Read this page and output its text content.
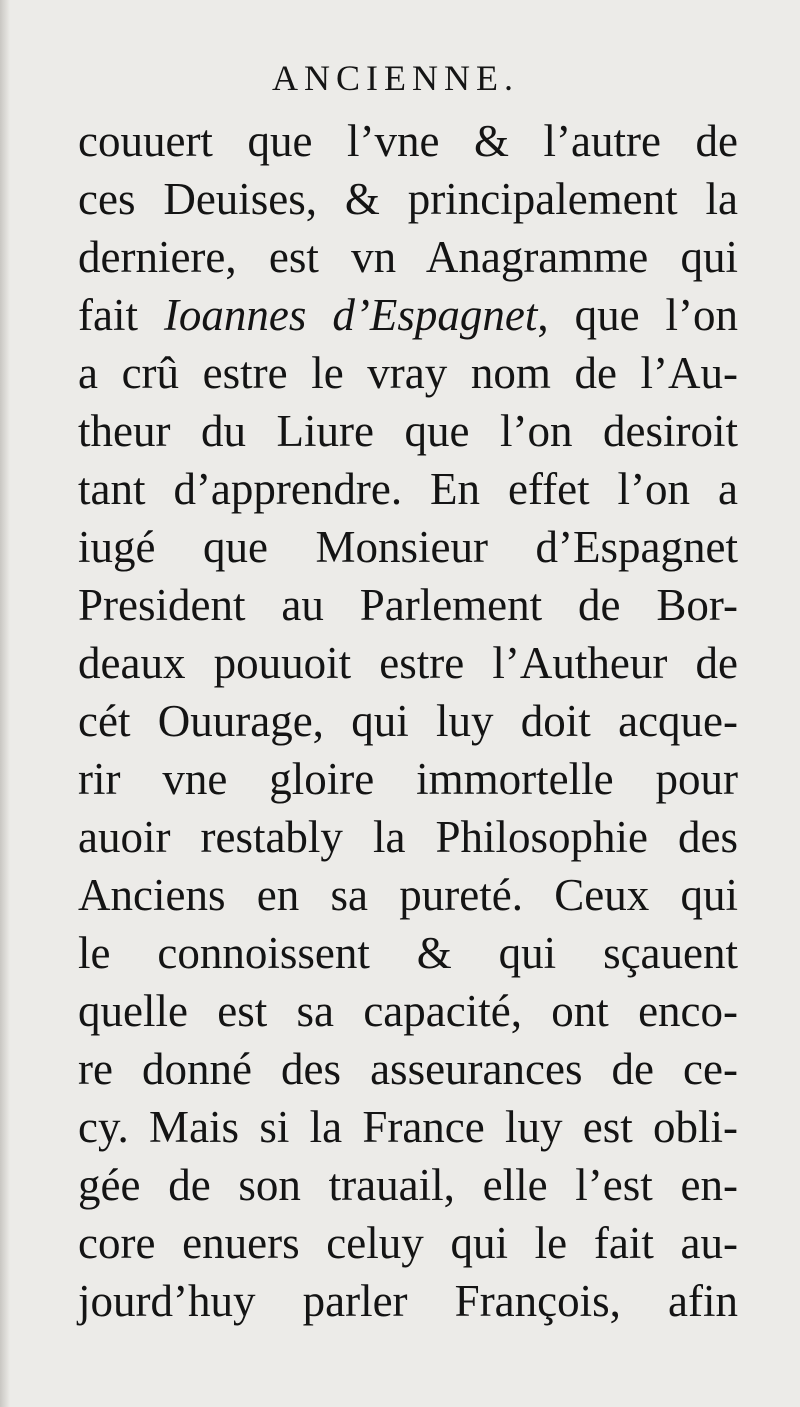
ANCIENNE.
couuert que l’vne & l’autre de
ces Deuises, & principalement la
derniere, est vn Anagramme qui
fait Ioannes d’Espagnet, que l’on
a crû estre le vray nom de l’Au-
theur du Liure que l’on desiroit
tant d’apprendre. En effet l’on a
iugé que Monsieur d’Espagnet
President au Parlement de Bor-
deaux pouuoit estre l’Autheur de
cét Ouurage, qui luy doit acque-
rir vne gloire immortelle pour
auoir restably la Philosophie des
Anciens en sa pureté. Ceux qui
le connoissent & qui sçauent
quelle est sa capacité, ont enco-
re donné des asseurances de ce-
cy. Mais si la France luy est obli-
gée de son trauail, elle l’est en-
core enuers celuy qui le fait au-
jourd’huy parler François, afin
